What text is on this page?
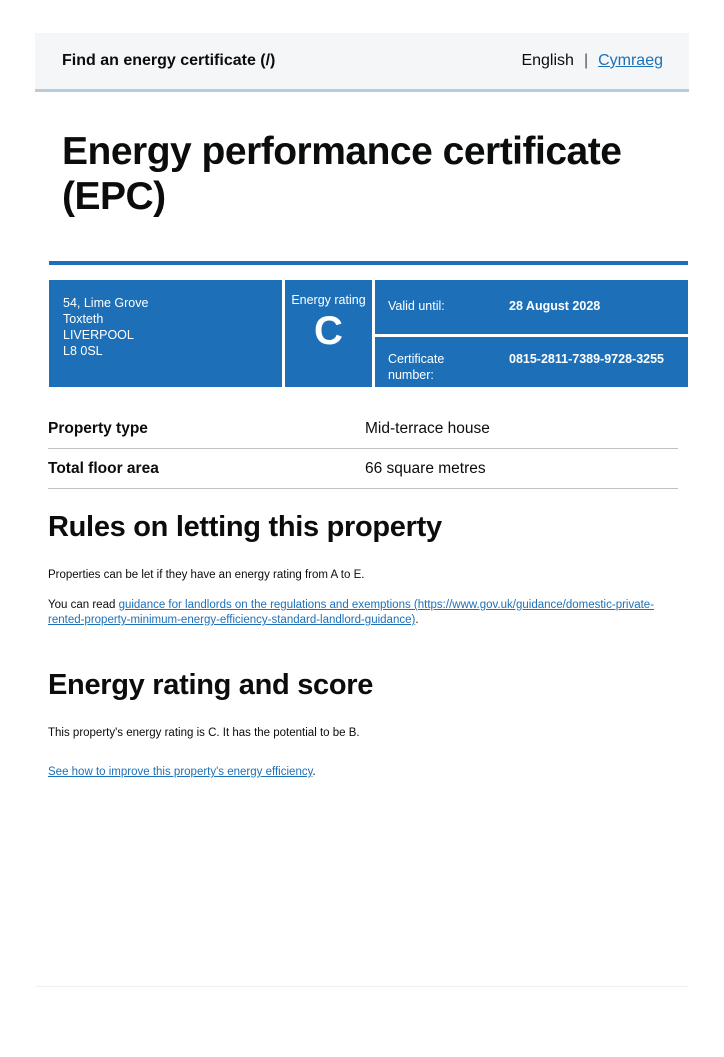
Find an energy certificate (/)	English | Cymraeg
Energy performance certificate (EPC)
54, Lime Grove
Toxteth
LIVERPOOL
L8 0SL
Energy rating
C
Valid until:	28 August 2028
Certificate number:
0815-2811-7389-9728-3255
Property type	Mid-terrace house
Total floor area	66 square metres
Rules on letting this property

Properties can be let if they have an energy rating from A to E.

You can read guidance for landlords on the regulations and exemptions (https://www.gov.uk/guidance/domestic-private-rented-property-minimum-energy-efficiency-standard-landlord-guidance).

Energy rating and score

This property's energy rating is C. It has the potential to be B.

See how to improve this property's energy efficiency.
